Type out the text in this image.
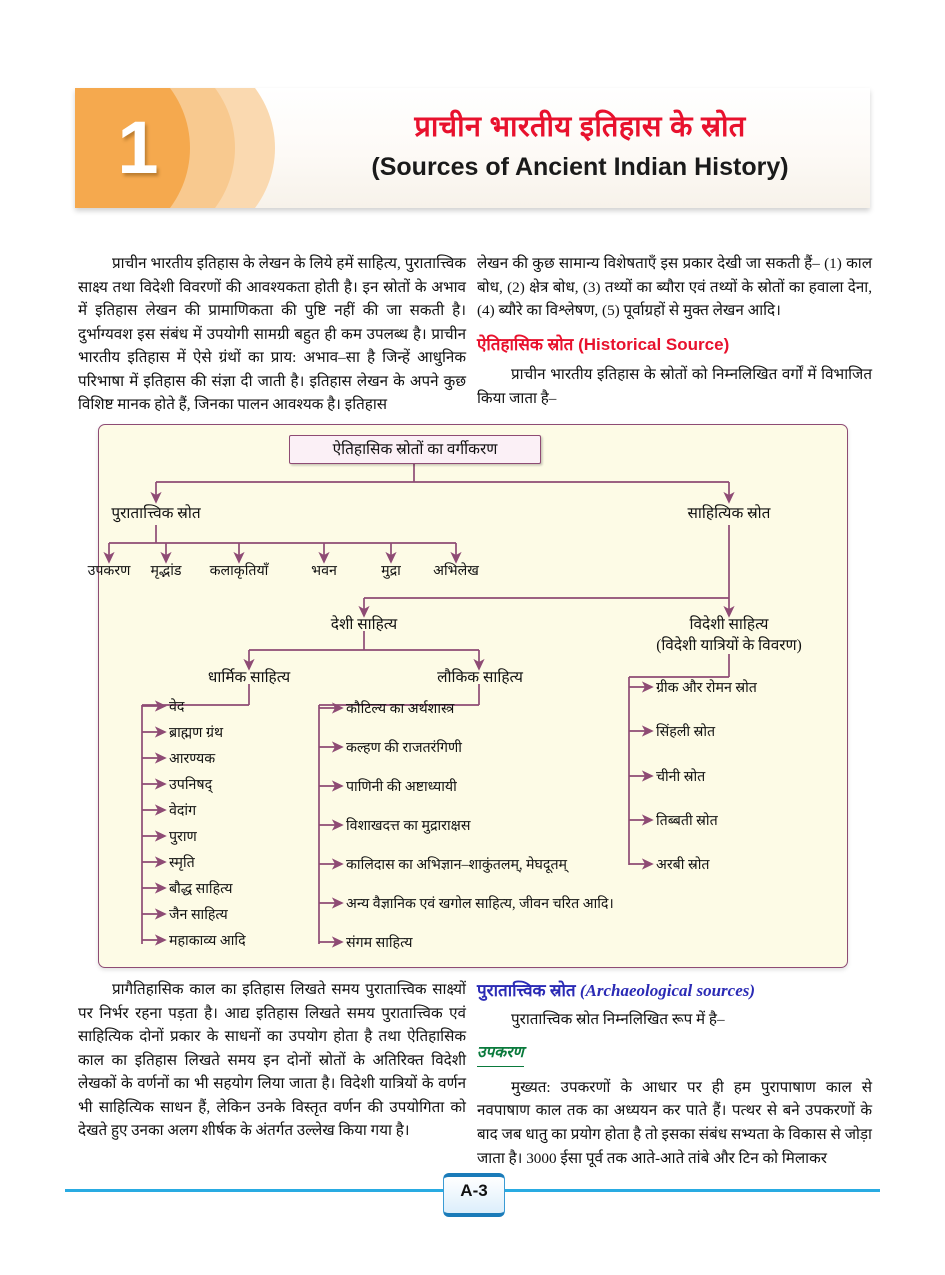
1	प्राचीन भारतीय इतिहास के स्रोत
(Sources of Ancient Indian History)

प्राचीन भारतीय इतिहास के लेखन के लिये हमें साहित्य, पुरातात्त्विक साक्ष्य तथा विदेशी विवरणों की आवश्यकता होती है। इन स्रोतों के अभाव में इतिहास लेखन की प्रामाणिकता की पुष्टि नहीं की जा सकती है। दुर्भाग्यवश इस संबंध में उपयोगी सामग्री बहुत ही कम उपलब्ध है। प्राचीन भारतीय इतिहास में ऐसे ग्रंथों का प्राय: अभाव–सा है जिन्हें आधुनिक परिभाषा में इतिहास की संज्ञा दी जाती है। इतिहास लेखन के अपने कुछ विशिष्ट मानक होते हैं, जिनका पालन आवश्यक है। इतिहास

लेखन की कुछ सामान्य विशेषताएँ इस प्रकार देखी जा सकती हैं– (1) काल बोध, (2) क्षेत्र बोध, (3) तथ्यों का ब्यौरा एवं तथ्यों के स्रोतों का हवाला देना, (4) ब्यौरे का विश्लेषण, (5) पूर्वाग्रहों से मुक्त लेखन आदि।

ऐतिहासिक स्रोत (Historical Source)

प्राचीन भारतीय इतिहास के स्रोतों को निम्नलिखित वर्गों में विभाजित किया जाता है–

ऐतिहासिक स्रोतों का वर्गीकरण
पुरातात्त्विक स्रोत	साहित्यिक स्रोत
उपकरण	मृद्भांड	कलाकृतियाँ	भवन	मुद्रा	अभिलेख
देशी साहित्य	विदेशी साहित्य
(विदेशी यात्रियों के विवरण)
धार्मिक साहित्य	लौकिक साहित्य
वेद
ब्राह्मण ग्रंथ
आरण्यक
उपनिषद्
वेदांग
पुराण
स्मृति
बौद्ध साहित्य
जैन साहित्य
महाकाव्य आदि
कौटिल्य का अर्थशास्त्र
कल्हण की राजतरंगिणी
पाणिनी की अष्टाध्यायी
विशाखदत्त का मुद्राराक्षस
कालिदास का अभिज्ञान–शाकुंतलम्, मेघदूतम्
अन्य वैज्ञानिक एवं खगोल साहित्य, जीवन चरित आदि।
संगम साहित्य
ग्रीक और रोमन स्रोत
सिंहली स्रोत
चीनी स्रोत
तिब्बती स्रोत
अरबी स्रोत

प्रागैतिहासिक काल का इतिहास लिखते समय पुरातात्त्विक साक्ष्यों पर निर्भर रहना पड़ता है। आद्य इतिहास लिखते समय पुरातात्त्विक एवं साहित्यिक दोनों प्रकार के साधनों का उपयोग होता है तथा ऐतिहासिक काल का इतिहास लिखते समय इन दोनों स्रोतों के अतिरिक्त विदेशी लेखकों के वर्णनों का भी सहयोग लिया जाता है। विदेशी यात्रियों के वर्णन भी साहित्यिक साधन हैं, लेकिन उनके विस्तृत वर्णन की उपयोगिता को देखते हुए उनका अलग शीर्षक के अंतर्गत उल्लेख किया गया है।

पुरातात्त्विक स्रोत (Archaeological sources)

पुरातात्त्विक स्रोत निम्नलिखित रूप में है–

उपकरण

मुख्यत: उपकरणों के आधार पर ही हम पुरापाषाण काल से नवपाषाण काल तक का अध्ययन कर पाते हैं। पत्थर से बने उपकरणों के बाद जब धातु का प्रयोग होता है तो इसका संबंध सभ्यता के विकास से जोड़ा जाता है। 3000 ईसा पूर्व तक आते-आते तांबे और टिन को मिलाकर

A-3
